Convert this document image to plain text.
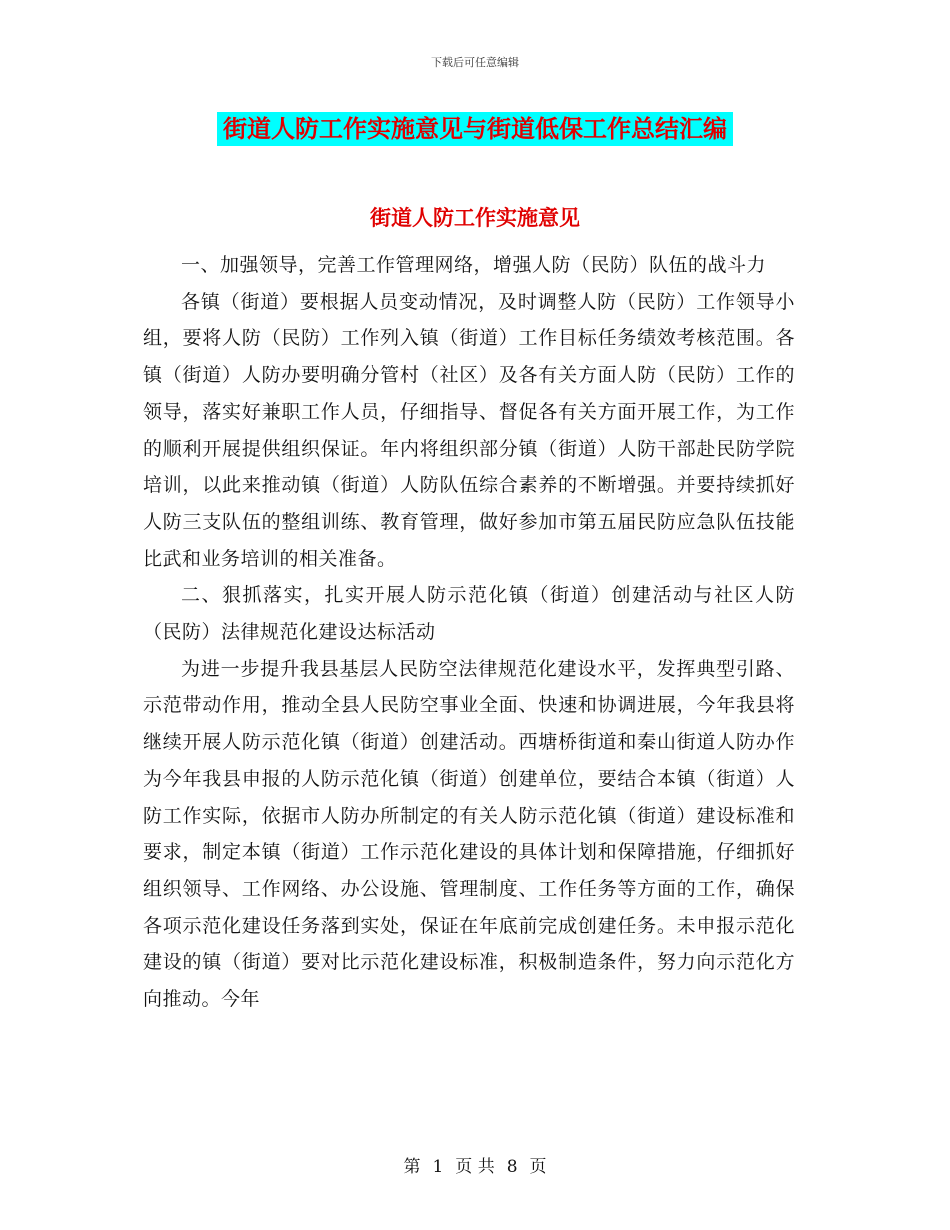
下载后可任意编辑
街道人防工作实施意见与街道低保工作总结汇编
街道人防工作实施意见

一、加强领导，完善工作管理网络，增强人防（民防）队伍的战斗力

各镇（街道）要根据人员变动情况，及时调整人防（民防）工作领导小组，要将人防（民防）工作列入镇（街道）工作目标任务绩效考核范围。各镇（街道）人防办要明确分管村（社区）及各有关方面人防（民防）工作的领导，落实好兼职工作人员，仔细指导、督促各有关方面开展工作，为工作的顺利开展提供组织保证。年内将组织部分镇（街道）人防干部赴民防学院培训，以此来推动镇（街道）人防队伍综合素养的不断增强。并要持续抓好人防三支队伍的整组训练、教育管理，做好参加市第五届民防应急队伍技能比武和业务培训的相关准备。

二、狠抓落实，扎实开展人防示范化镇（街道）创建活动与社区人防（民防）法律规范化建设达标活动

为进一步提升我县基层人民防空法律规范化建设水平，发挥典型引路、示范带动作用，推动全县人民防空事业全面、快速和协调进展，今年我县将继续开展人防示范化镇（街道）创建活动。西塘桥街道和秦山街道人防办作为今年我县申报的人防示范化镇（街道）创建单位，要结合本镇（街道）人防工作实际，依据市人防办所制定的有关人防示范化镇（街道）建设标准和要求，制定本镇（街道）工作示范化建设的具体计划和保障措施，仔细抓好组织领导、工作网络、办公设施、管理制度、工作任务等方面的工作，确保各项示范化建设任务落到实处，保证在年底前完成创建任务。未申报示范化建设的镇（街道）要对比示范化建设标准，积极制造条件，努力向示范化方向推动。今年

第 1 页 共 8 页
